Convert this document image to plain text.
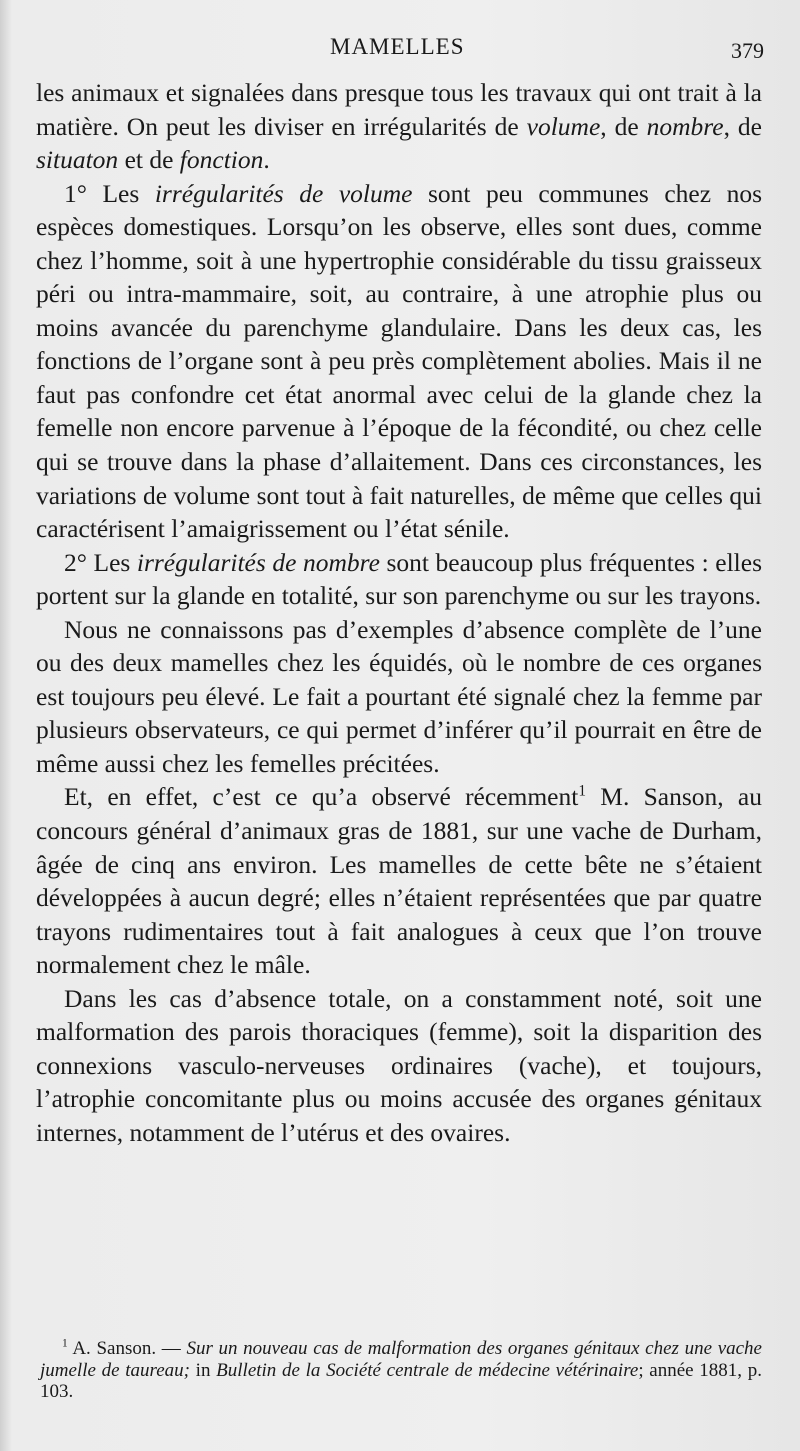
MAMELLES	379

les animaux et signalées dans presque tous les travaux qui ont trait à la matière. On peut les diviser en irrégularités de volume, de nombre, de situaton et de fonction.

1° Les irrégularités de volume sont peu communes chez nos espèces domestiques. Lorsqu’on les observe, elles sont dues, comme chez l’homme, soit à une hypertrophie considérable du tissu graisseux péri ou intra-mammaire, soit, au contraire, à une atrophie plus ou moins avancée du parenchyme glandulaire. Dans les deux cas, les fonctions de l’organe sont à peu près complètement abolies. Mais il ne faut pas confondre cet état anormal avec celui de la glande chez la femelle non encore parvenue à l’époque de la fécondité, ou chez celle qui se trouve dans la phase d’allaitement. Dans ces circonstances, les variations de volume sont tout à fait naturelles, de même que celles qui caractérisent l’amaigrissement ou l’état sénile.

2° Les irrégularités de nombre sont beaucoup plus fréquentes : elles portent sur la glande en totalité, sur son parenchyme ou sur les trayons.

Nous ne connaissons pas d’exemples d’absence complète de l’une ou des deux mamelles chez les équidés, où le nombre de ces organes est toujours peu élevé. Le fait a pourtant été signalé chez la femme par plusieurs observateurs, ce qui permet d’inférer qu’il pourrait en être de même aussi chez les femelles précitées.

Et, en effet, c’est ce qu’a observé récemment$^1$ M. Sanson, au concours général d’animaux gras de 1881, sur une vache de Durham, âgée de cinq ans environ. Les mamelles de cette bête ne s’étaient développées à aucun degré; elles n’étaient représentées que par quatre trayons rudimentaires tout à fait analogues à ceux que l’on trouve normalement chez le mâle.

Dans les cas d’absence totale, on a constamment noté, soit une malformation des parois thoraciques (femme), soit la disparition des connexions vasculo-nerveuses ordinaires (vache), et toujours, l’atrophie concomitante plus ou moins accusée des organes génitaux internes, notamment de l’utérus et des ovaires.

$^1$ A. Sanson. — Sur un nouveau cas de malformation des organes génitaux chez une vache jumelle de taureau; in Bulletin de la Société centrale de médecine vétérinaire; année 1881, p. 103.
